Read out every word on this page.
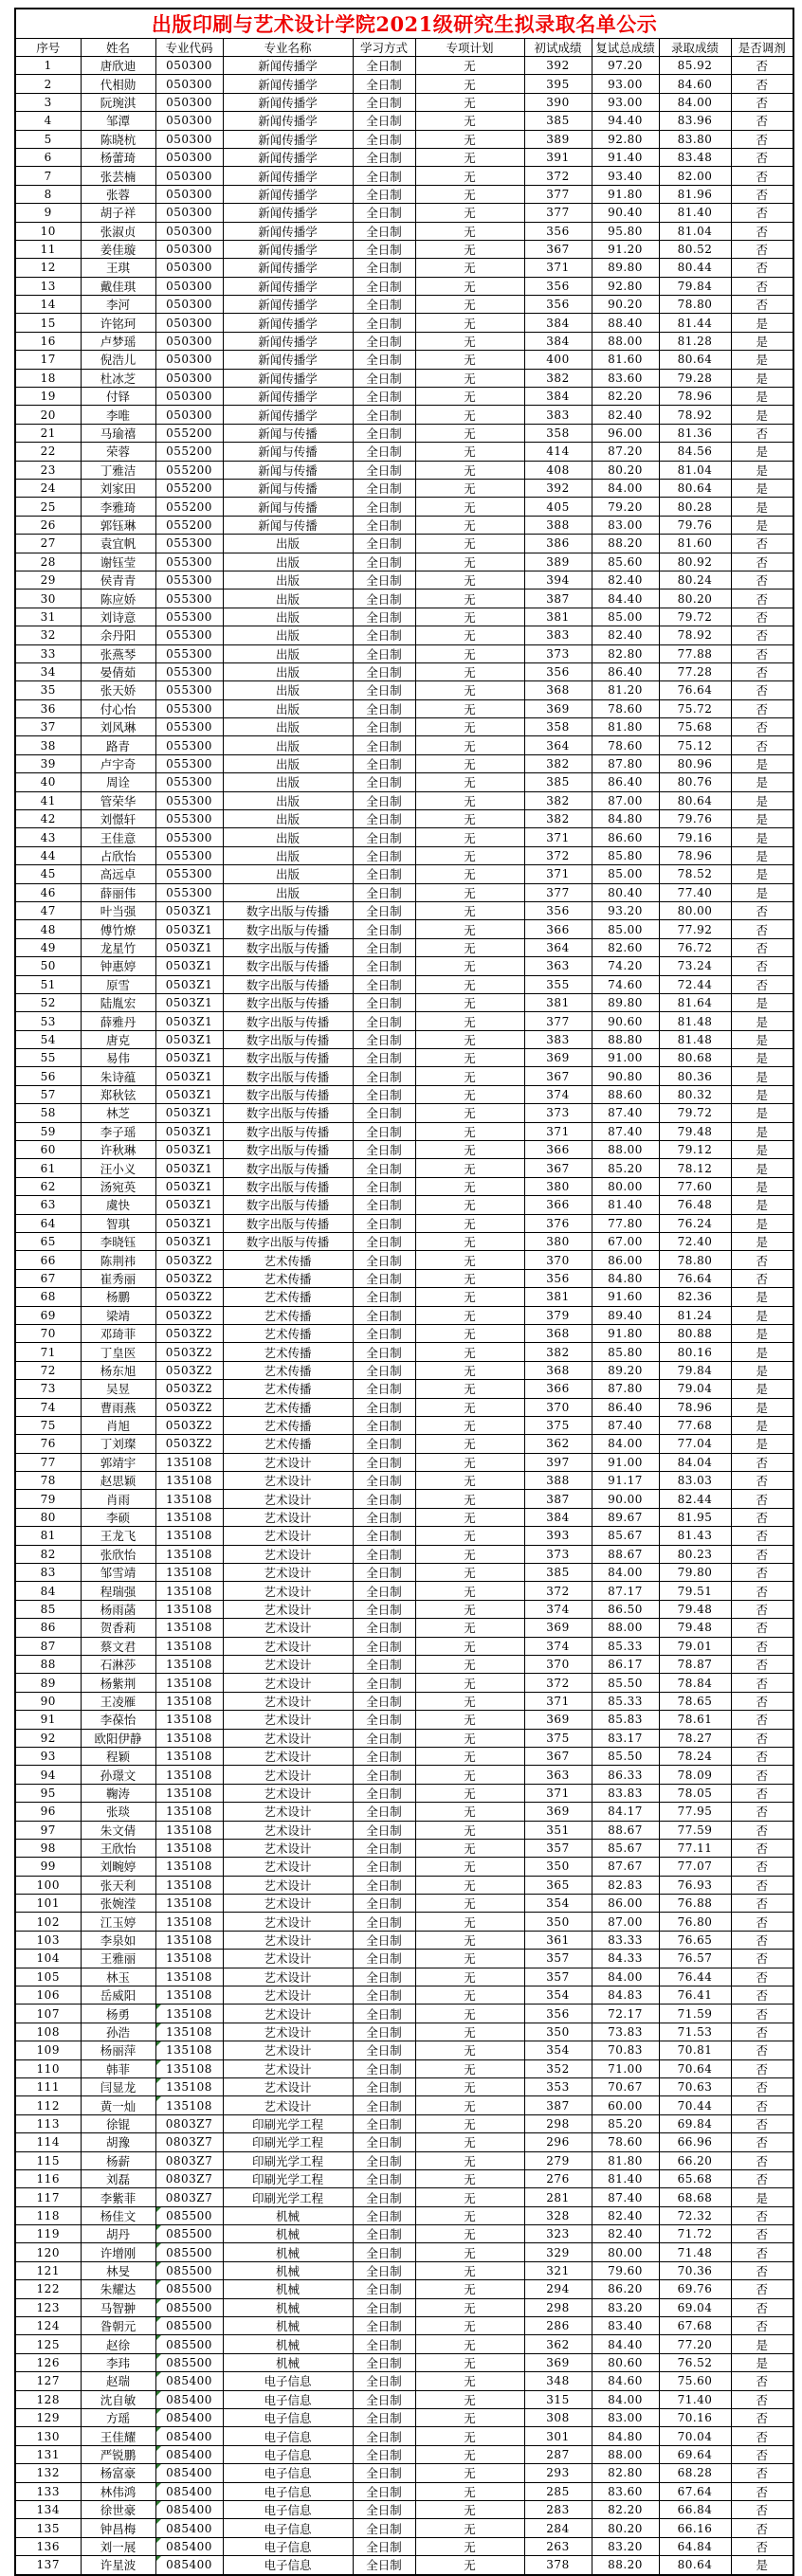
出版印刷与艺术设计学院2021级研究生拟录取名单公示									
序号	姓名	专业代码	专业名称	学习方式	专项计划	初试成绩	复试总成绩	录取成绩	是否调剂
1	唐欣迪	050300	新闻传播学	全日制	无	392	97.20	85.92	否
2	代相勋	050300	新闻传播学	全日制	无	395	93.00	84.60	否
3	阮琬淇	050300	新闻传播学	全日制	无	390	93.00	84.00	否
4	邹潭	050300	新闻传播学	全日制	无	385	94.40	83.96	否
5	陈晓杭	050300	新闻传播学	全日制	无	389	92.80	83.80	否
6	杨蕾琦	050300	新闻传播学	全日制	无	391	91.40	83.48	否
7	张芸楠	050300	新闻传播学	全日制	无	372	93.40	82.00	否
8	张蓉	050300	新闻传播学	全日制	无	377	91.80	81.96	否
9	胡子祥	050300	新闻传播学	全日制	无	377	90.40	81.40	否
10	张淑贞	050300	新闻传播学	全日制	无	356	95.80	81.04	否
11	姜佳璇	050300	新闻传播学	全日制	无	367	91.20	80.52	否
12	王琪	050300	新闻传播学	全日制	无	371	89.80	80.44	否
13	戴佳琪	050300	新闻传播学	全日制	无	356	92.80	79.84	否
14	李河	050300	新闻传播学	全日制	无	356	90.20	78.80	否
15	许铭珂	050300	新闻传播学	全日制	无	384	88.40	81.44	是
16	卢梦瑶	050300	新闻传播学	全日制	无	384	88.00	81.28	是
17	倪浩儿	050300	新闻传播学	全日制	无	400	81.60	80.64	是
18	杜冰芝	050300	新闻传播学	全日制	无	382	83.60	79.28	是
19	付铎	050300	新闻传播学	全日制	无	384	82.20	78.96	是
20	李唯	050300	新闻传播学	全日制	无	383	82.40	78.92	是
21	马瑜禧	055200	新闻与传播	全日制	无	358	96.00	81.36	否
22	荣蓉	055200	新闻与传播	全日制	无	414	87.20	84.56	是
23	丁雅洁	055200	新闻与传播	全日制	无	408	80.20	81.04	是
24	刘家田	055200	新闻与传播	全日制	无	392	84.00	80.64	是
25	李雅琦	055200	新闻与传播	全日制	无	405	79.20	80.28	是
26	郭钰琳	055200	新闻与传播	全日制	无	388	83.00	79.76	是
27	袁宜帆	055300	出版	全日制	无	386	88.20	81.60	否
28	谢钰莹	055300	出版	全日制	无	389	85.60	80.92	否
29	侯青青	055300	出版	全日制	无	394	82.40	80.24	否
30	陈应娇	055300	出版	全日制	无	387	84.40	80.20	否
31	刘诗意	055300	出版	全日制	无	381	85.00	79.72	否
32	余丹阳	055300	出版	全日制	无	383	82.40	78.92	否
33	张燕琴	055300	出版	全日制	无	373	82.80	77.88	否
34	晏倩茹	055300	出版	全日制	无	356	86.40	77.28	否
35	张天娇	055300	出版	全日制	无	368	81.20	76.64	否
36	付心怡	055300	出版	全日制	无	369	78.60	75.72	否
37	刘风琳	055300	出版	全日制	无	358	81.80	75.68	否
38	路青	055300	出版	全日制	无	364	78.60	75.12	否
39	卢宇奇	055300	出版	全日制	无	382	87.80	80.96	是
40	周诠	055300	出版	全日制	无	385	86.40	80.76	是
41	管荣华	055300	出版	全日制	无	382	87.00	80.64	是
42	刘憬轩	055300	出版	全日制	无	382	84.80	79.76	是
43	王佳意	055300	出版	全日制	无	371	86.60	79.16	是
44	占欣怡	055300	出版	全日制	无	372	85.80	78.96	是
45	高远卓	055300	出版	全日制	无	371	85.00	78.52	是
46	薛丽伟	055300	出版	全日制	无	377	80.40	77.40	是
47	叶当强	0503Z1	数字出版与传播	全日制	无	356	93.20	80.00	否
48	傅竹燎	0503Z1	数字出版与传播	全日制	无	366	85.00	77.92	否
49	龙星竹	0503Z1	数字出版与传播	全日制	无	364	82.60	76.72	否
50	钟惠婷	0503Z1	数字出版与传播	全日制	无	363	74.20	73.24	否
51	原雪	0503Z1	数字出版与传播	全日制	无	355	74.60	72.44	否
52	陆胤宏	0503Z1	数字出版与传播	全日制	无	381	89.80	81.64	是
53	薛雅丹	0503Z1	数字出版与传播	全日制	无	377	90.60	81.48	是
54	唐克	0503Z1	数字出版与传播	全日制	无	383	88.80	81.48	是
55	易伟	0503Z1	数字出版与传播	全日制	无	369	91.00	80.68	是
56	朱诗蕴	0503Z1	数字出版与传播	全日制	无	367	90.80	80.36	是
57	郑秋铉	0503Z1	数字出版与传播	全日制	无	374	88.60	80.32	是
58	林芝	0503Z1	数字出版与传播	全日制	无	373	87.40	79.72	是
59	李子瑶	0503Z1	数字出版与传播	全日制	无	371	87.40	79.48	是
60	许秋琳	0503Z1	数字出版与传播	全日制	无	366	88.00	79.12	是
61	汪小义	0503Z1	数字出版与传播	全日制	无	367	85.20	78.12	是
62	汤宛英	0503Z1	数字出版与传播	全日制	无	380	80.00	77.60	是
63	虞快	0503Z1	数字出版与传播	全日制	无	366	81.40	76.48	是
64	智琪	0503Z1	数字出版与传播	全日制	无	376	77.80	76.24	是
65	李晓钰	0503Z1	数字出版与传播	全日制	无	380	67.00	72.40	是
66	陈荆祎	0503Z2	艺术传播	全日制	无	370	86.00	78.80	否
67	崔秀丽	0503Z2	艺术传播	全日制	无	356	84.80	76.64	否
68	杨鹏	0503Z2	艺术传播	全日制	无	381	91.60	82.36	是
69	梁靖	0503Z2	艺术传播	全日制	无	379	89.40	81.24	是
70	邓琦菲	0503Z2	艺术传播	全日制	无	368	91.80	80.88	是
71	丁皇医	0503Z2	艺术传播	全日制	无	382	85.80	80.16	是
72	杨东旭	0503Z2	艺术传播	全日制	无	368	89.20	79.84	是
73	吴昱	0503Z2	艺术传播	全日制	无	366	87.80	79.04	是
74	曹雨燕	0503Z2	艺术传播	全日制	无	370	86.40	78.96	是
75	肖旭	0503Z2	艺术传播	全日制	无	375	87.40	77.68	是
76	丁刘璨	0503Z2	艺术传播	全日制	无	362	84.00	77.04	是
77	郭靖宇	135108	艺术设计	全日制	无	397	91.00	84.04	否
78	赵思颖	135108	艺术设计	全日制	无	388	91.17	83.03	否
79	肖雨	135108	艺术设计	全日制	无	387	90.00	82.44	否
80	李硕	135108	艺术设计	全日制	无	384	89.67	81.95	否
81	王龙飞	135108	艺术设计	全日制	无	393	85.67	81.43	否
82	张欣怡	135108	艺术设计	全日制	无	373	88.67	80.23	否
83	邹雪靖	135108	艺术设计	全日制	无	385	84.00	79.80	否
84	程瑞强	135108	艺术设计	全日制	无	372	87.17	79.51	否
85	杨雨菡	135108	艺术设计	全日制	无	374	86.50	79.48	否
86	贺香莉	135108	艺术设计	全日制	无	369	88.00	79.48	否
87	蔡文君	135108	艺术设计	全日制	无	374	85.33	79.01	否
88	石淋莎	135108	艺术设计	全日制	无	370	86.17	78.87	否
89	杨紫荆	135108	艺术设计	全日制	无	372	85.50	78.84	否
90	王凌雁	135108	艺术设计	全日制	无	371	85.33	78.65	否
91	李葆怡	135108	艺术设计	全日制	无	369	85.83	78.61	否
92	欧阳伊静	135108	艺术设计	全日制	无	375	83.17	78.27	否
93	程颖	135108	艺术设计	全日制	无	367	85.50	78.24	否
94	孙璟文	135108	艺术设计	全日制	无	363	86.33	78.09	否
95	鞠涛	135108	艺术设计	全日制	无	371	83.83	78.05	否
96	张琰	135108	艺术设计	全日制	无	369	84.17	77.95	否
97	朱文倩	135108	艺术设计	全日制	无	351	88.67	77.59	否
98	王欣怡	135108	艺术设计	全日制	无	357	85.67	77.11	否
99	刘畹婷	135108	艺术设计	全日制	无	350	87.67	77.07	否
100	张天利	135108	艺术设计	全日制	无	365	82.83	76.93	否
101	张婉滢	135108	艺术设计	全日制	无	354	86.00	76.88	否
102	江玉婷	135108	艺术设计	全日制	无	350	87.00	76.80	否
103	李泉如	135108	艺术设计	全日制	无	361	83.33	76.65	否
104	王雅丽	135108	艺术设计	全日制	无	357	84.33	76.57	否
105	林玉	135108	艺术设计	全日制	无	357	84.00	76.44	否
106	岳威阳	135108	艺术设计	全日制	无	354	84.83	76.41	否
107	杨勇	135108	艺术设计	全日制	无	356	72.17	71.59	否
108	孙浩	135108	艺术设计	全日制	无	350	73.83	71.53	否
109	杨丽萍	135108	艺术设计	全日制	无	354	70.83	70.81	否
110	韩菲	135108	艺术设计	全日制	无	352	71.00	70.64	否
111	闫显龙	135108	艺术设计	全日制	无	353	70.67	70.63	否
112	黄一灿	135108	艺术设计	全日制	无	387	60.00	70.44	否
113	徐锟	0803Z7	印刷光学工程	全日制	无	298	85.20	69.84	否
114	胡豫	0803Z7	印刷光学工程	全日制	无	296	78.60	66.96	否
115	杨薪	0803Z7	印刷光学工程	全日制	无	279	81.80	66.20	否
116	刘磊	0803Z7	印刷光学工程	全日制	无	276	81.40	65.68	否
117	李紫菲	0803Z7	印刷光学工程	全日制	无	281	87.40	68.68	是
118	杨佳文	085500	机械	全日制	无	328	82.40	72.32	否
119	胡丹	085500	机械	全日制	无	323	82.40	71.72	否
120	许增刚	085500	机械	全日制	无	329	80.00	71.48	否
121	林旻	085500	机械	全日制	无	321	79.60	70.36	否
122	朱耀达	085500	机械	全日制	无	294	86.20	69.76	否
123	马智翀	085500	机械	全日制	无	298	83.20	69.04	否
124	昝朝元	085500	机械	全日制	无	286	83.40	67.68	否
125	赵徐	085500	机械	全日制	无	362	84.40	77.20	是
126	李玮	085500	机械	全日制	无	369	80.60	76.52	是
127	赵瑞	085400	电子信息	全日制	无	348	84.60	75.60	否
128	沈自敏	085400	电子信息	全日制	无	315	84.00	71.40	否
129	方瑶	085400	电子信息	全日制	无	308	83.00	70.16	否
130	王佳耀	085400	电子信息	全日制	无	301	84.80	70.04	否
131	严锐鹏	085400	电子信息	全日制	无	287	88.00	69.64	否
132	杨富豪	085400	电子信息	全日制	无	293	82.80	68.28	否
133	林伟鸿	085400	电子信息	全日制	无	285	83.60	67.64	否
134	徐世豪	085400	电子信息	全日制	无	283	82.20	66.84	否
135	钟昌梅	085400	电子信息	全日制	无	284	80.20	66.16	否
136	刘一展	085400	电子信息	全日制	无	263	83.20	64.84	否
137	许星波	085400	电子信息	全日制	无	378	88.20	80.64	是
